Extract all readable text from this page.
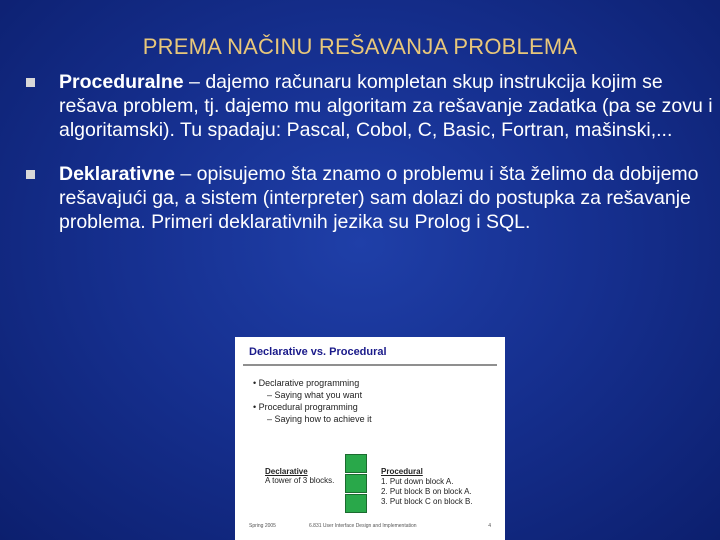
PREMA NAČINU REŠAVANJA PROBLEMA
Proceduralne – dajemo računaru kompletan skup instrukcija kojim se rešava problem, tj. dajemo mu algoritam za rešavanje zadatka (pa se zovu i algoritamski). Tu spadaju: Pascal, Cobol, C, Basic, Fortran, mašinski,...
Deklarativne – opisujemo šta znamo o problemu i šta želimo da dobijemo rešavajući ga, a sistem (interpreter) sam dolazi do postupka za rešavanje problema. Primeri deklarativnih jezika su Prolog i SQL.
Declarative vs. Procedural
• Declarative programming
– Saying what you want
• Procedural programming
– Saying how to achieve it
Declarative
A tower of 3 blocks.
Procedural
1. Put down block A.
2. Put block B on block A.
3. Put block C on block B.
Spring 2005	6.831 User Interface Design and Implementation	4
